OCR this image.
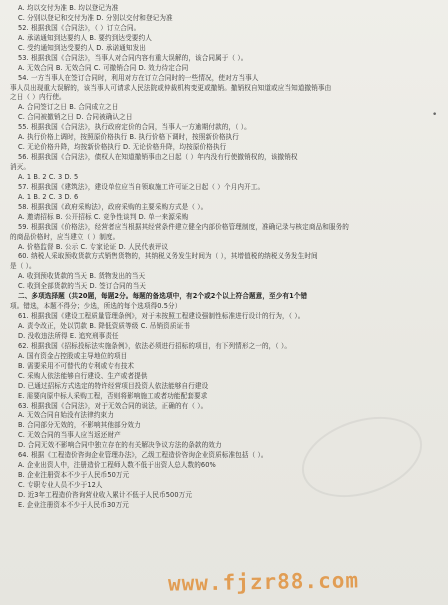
A. 均以交付为准 B. 均以登记为准
C. 分别以登记和交付为准 D. 分别以交付和登记为准
52. 根据我国《合同法》，（ ）订立合同。
A. 承诺通知到达要约人 B. 要约到达受要约人
C. 受约通知到达受要约人 D. 承诺通知发出
53. 根据我国《合同法》，当事人对合同内容有重大误解的，该合同属于（ ）。
A. 无效合同 B. 无效合同 C. 可撤销合同 D. 效力待定合同
54. 一方当事人在签订合同时，利用对方在订立合同时的一些情况，使对方当事人
事人员出现重大误解的，该当事人可请求人民法院或仲裁机构变更或撤销。撤销权自知道或应当知道撤销事由
之日（ ）内行使。
A. 合同签订之日 B. 合同成立之日
C. 合同被撤销之日 D. 合同被确认之日
55. 根据我国《合同法》，执行政府定价的合同，当事人一方逾期付款的，（ ）。
A. 执行价格上调时，按照原价格执行 B. 执行价格下调时，按照新价格执行
C. 无论价格升降，均按新价格执行 D. 无论价格升降，均按原价格执行
56. 根据我国《合同法》，债权人在知道撤销事由之日起（ ）年内没有行使撤销权的，该撤销权
消灭。
A. 1 B. 2 C. 3 D. 5
57. 根据我国《建筑法》，建设单位应当自领取施工许可证之日起（ ）个月内开工。
A. 1 B. 2 C. 3 D. 6
58. 根据我国《政府采购法》，政府采购的主要采购方式是（ ）。
A. 邀请招标 B. 公开招标 C. 竞争性谈判 D. 单一来源采购
59. 根据我国《价格法》，经营者应当根据其经营条件建立健全内部价格管理制度，准确记录与核定商品和服务的
的商品价格时，应当建立（ ）制度。
A. 价格监督 B. 公示 C. 专家论证 D. 人民代表评议
60. 纳税人采取预收货款方式销售货物的，其纳税义务发生时间为（ ），其增值税的纳税义务发生时间
是（ ）。
A. 收到预收货款的当天 B. 货物发出的当天
C. 收到全部货款的当天 D. 签订合同的当天
二、多项选择题（共20题，每题2分。每题的备选项中，有2个或2个以上符合题意，至少有1个错
项。错选，本题不得分；少选，所选的每个选项得0.5分）
61. 根据我国《建设工程质量管理条例》，对于未按照工程建设强制性标准进行设计的行为，（ ）。
A. 责令改正，处以罚款 B. 降低资质等级 C. 吊销资质证书
D. 没收违法所得 E. 追究刑事责任
62. 根据我国《招标投标法实施条例》，依法必须进行招标的项目，有下列情形之一的，（ ）。
A. 国有资金占控股或主导地位的项目
B. 需要采用不可替代的专利或专有技术
C. 采购人依法能够自行建设、生产或者提供
D. 已通过招标方式选定的特许经营项目投资人依法能够自行建设
E. 需要向原中标人采购工程，否则将影响施工或者功能配套要求
63. 根据我国《合同法》，对于无效合同的说法，正确的有（ ）。
A. 无效合同自始没有法律约束力
B. 合同部分无效的，不影响其他部分效力
C. 无效合同的当事人应当返还财产
D. 合同无效不影响合同中独立存在的有关解决争议方法的条款的效力
64. 根据《工程造价咨询企业管理办法》，乙级工程造价咨询企业资质标准包括（ ）。
A. 企业出资人中，注册造价工程师人数不低于出资人总人数的60%
B. 企业注册资本不少于人民币50万元
C. 专职专业人员不少于12人
D. 近3年工程造价咨询营业收入累计不低于人民币500万元
E. 企业注册资本不少于人民币30万元
•
www.fjzr88.com
